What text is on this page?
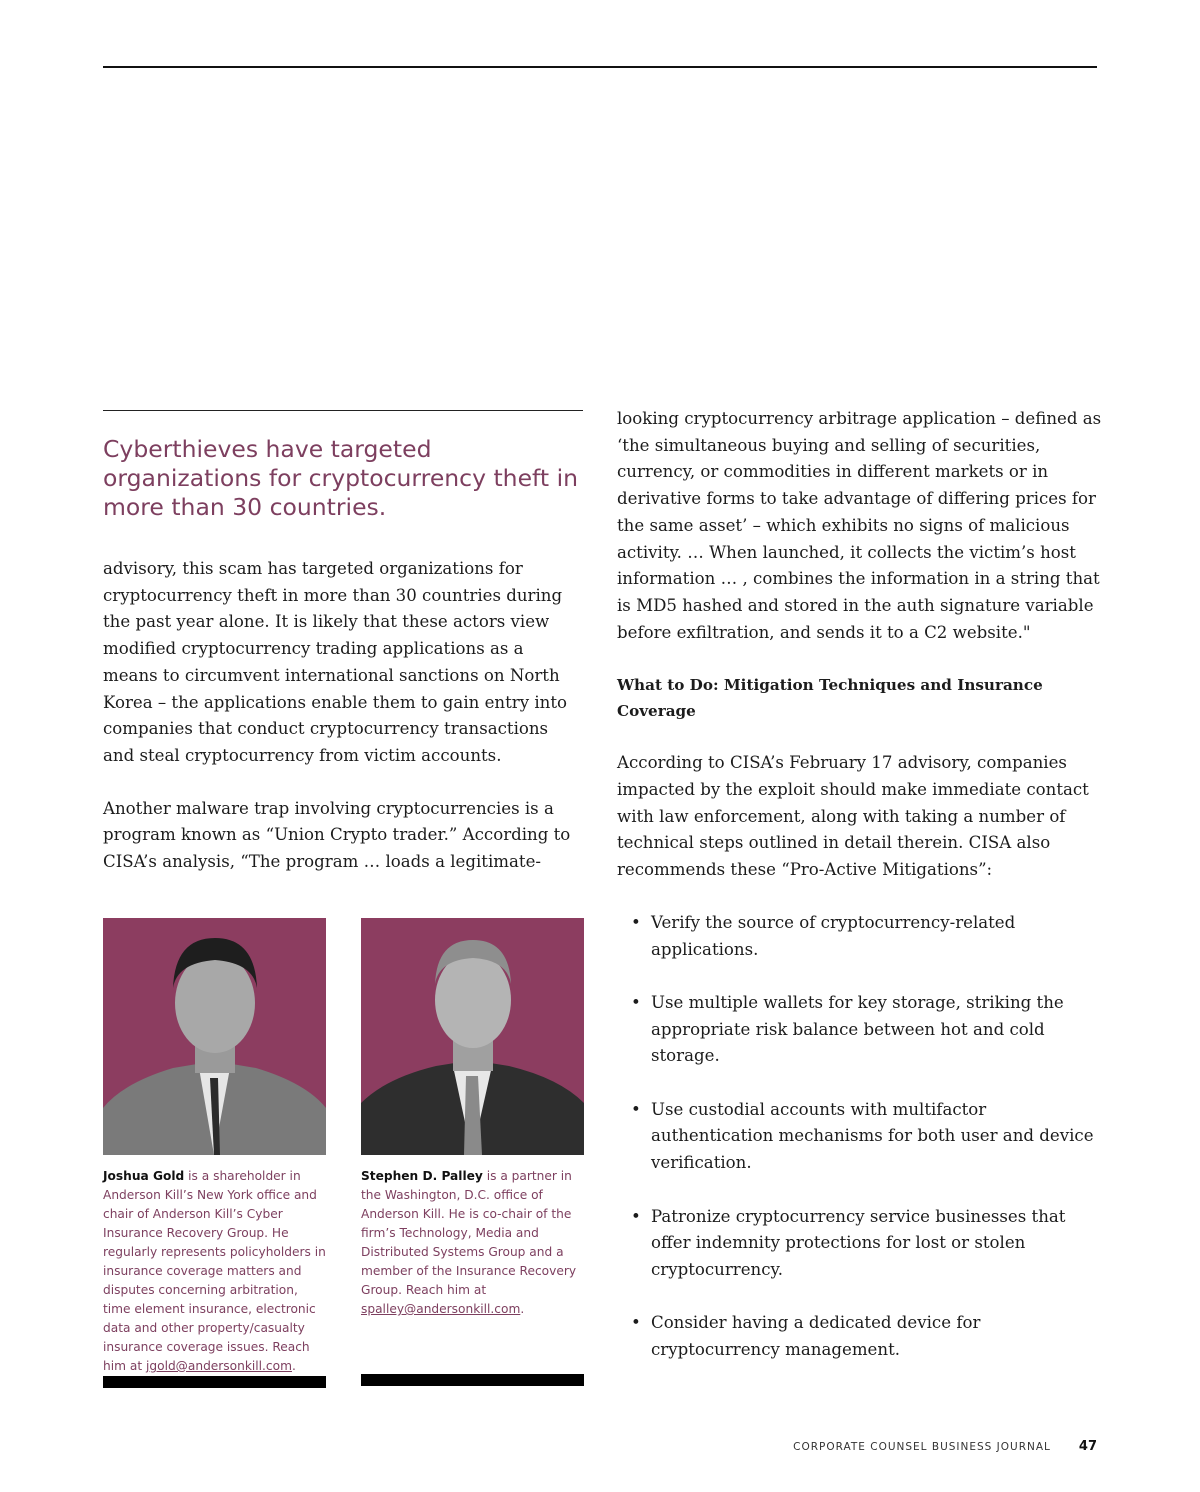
Cyberthieves have targeted organizations for cryptocurrency theft in more than 30 countries.

advisory, this scam has targeted organizations for cryptocurrency theft in more than 30 countries during the past year alone. It is likely that these actors view modified cryptocurrency trading applications as a means to circumvent international sanctions on North Korea – the applications enable them to gain entry into companies that conduct cryptocurrency transactions and steal cryptocurrency from victim accounts.

Another malware trap involving cryptocurrencies is a program known as “Union Crypto trader.” According to CISA’s analysis, “The program … loads a legitimate-

looking cryptocurrency arbitrage application – defined as ‘the simultaneous buying and selling of securities, currency, or commodities in different markets or in derivative forms to take advantage of differing prices for the same asset’ – which exhibits no signs of malicious activity. … When launched, it collects the victim’s host information … , combines the information in a string that is MD5 hashed and stored in the auth signature variable before exfiltration, and sends it to a C2 website."

What to Do: Mitigation Techniques and Insurance Coverage

According to CISA’s February 17 advisory, companies impacted by the exploit should make immediate contact with law enforcement, along with taking a number of technical steps outlined in detail therein. CISA also recommends these “Pro-Active Mitigations”:

• Verify the source of cryptocurrency-related applications.
• Use multiple wallets for key storage, striking the appropriate risk balance between hot and cold storage.
• Use custodial accounts with multifactor authentication mechanisms for both user and device verification.
• Patronize cryptocurrency service businesses that offer indemnity protections for lost or stolen cryptocurrency.
• Consider having a dedicated device for cryptocurrency management.
Joshua Gold is a shareholder in Anderson Kill’s New York office and chair of Anderson Kill’s Cyber Insurance Recovery Group. He regularly represents policyholders in insurance coverage matters and disputes concerning arbitration, time element insurance, electronic data and other property/casualty insurance coverage issues. Reach him at jgold@andersonkill.com.
Stephen D. Palley is a partner in the Washington, D.C. office of Anderson Kill. He is co-chair of the firm’s Technology, Media and Distributed Systems Group and a member of the Insurance Recovery Group. Reach him at spalley@andersonkill.com.
CORPORATE COUNSEL BUSINESS JOURNAL 47
